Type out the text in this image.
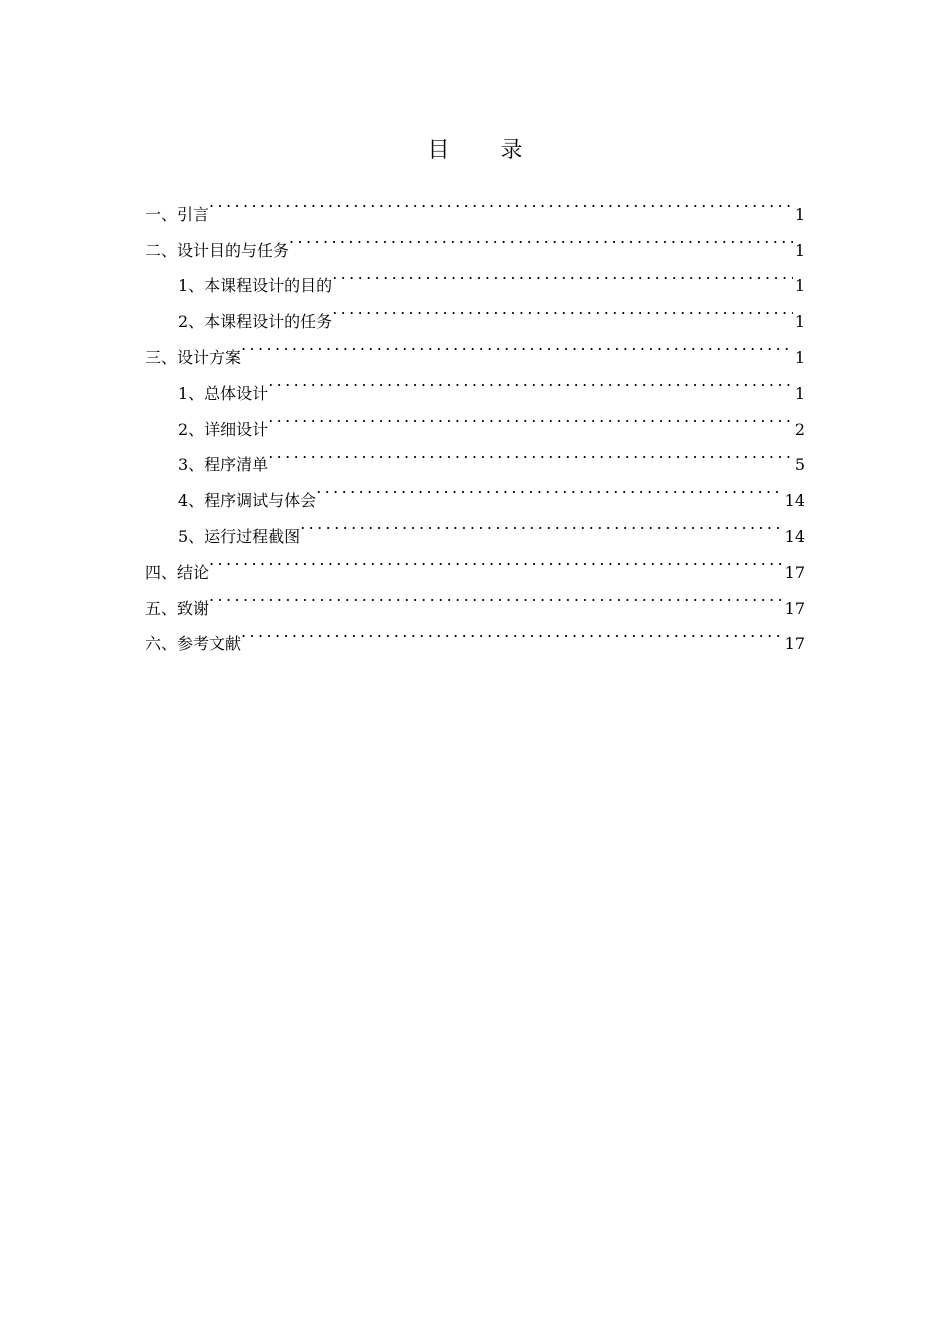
目 录
一、引言 .....	1
二、设计目的与任务 .....	1
1、本课程设计的目的 .....	1
2、本课程设计的任务 .....	1
三、设计方案 .....	1
1、总体设计 .....	1
2、详细设计 .....	2
3、程序清单 .....	5
4、程序调试与体会 .....	14
5、运行过程截图 .....	14
四、结论 .....	17
五、致谢 .....	17
六、参考文献 .....	17
